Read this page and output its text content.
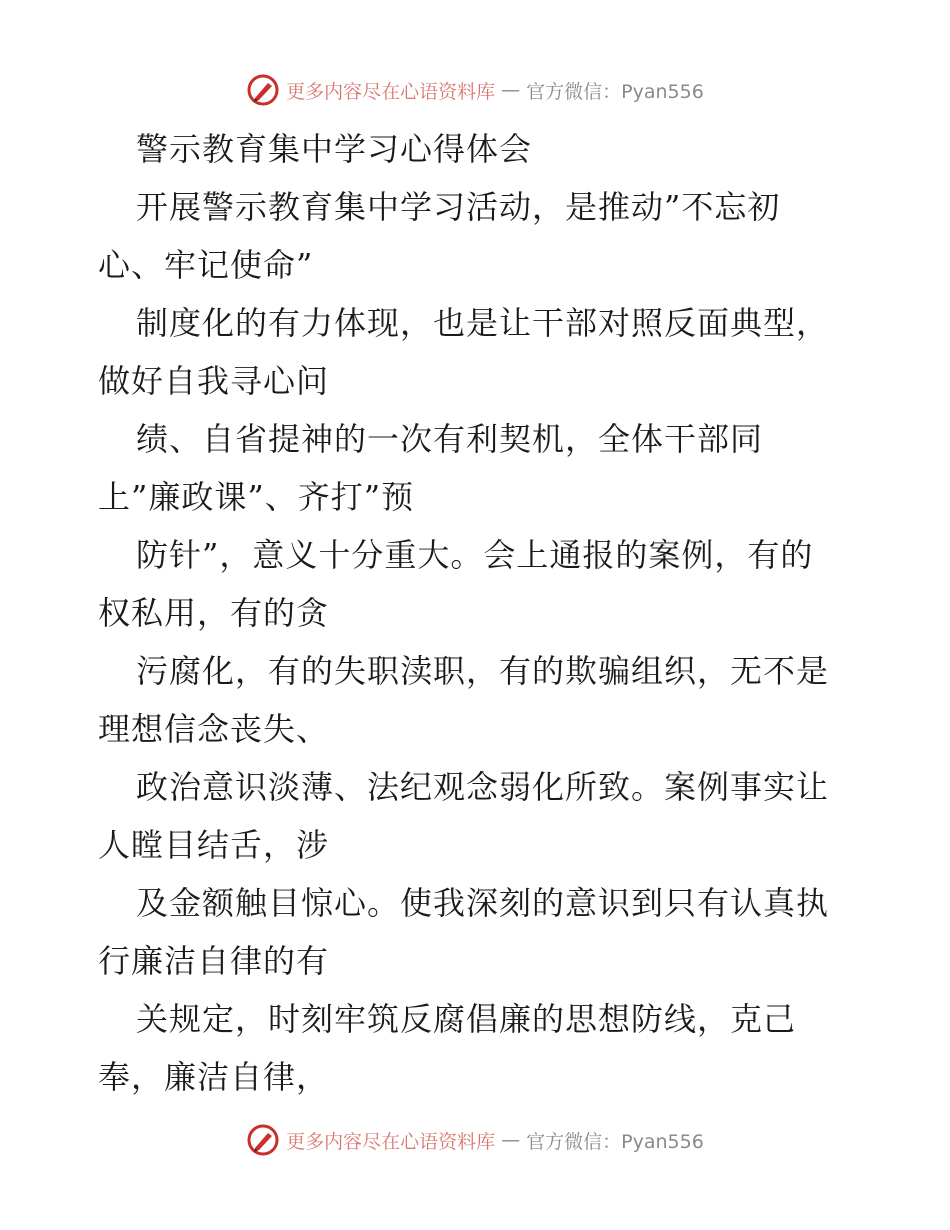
更多内容尽在心语资料库 — 官方微信：Pyan556
警示教育集中学习心得体会
开展警示教育集中学习活动，是推动”不忘初
心、牢记使命”
制度化的有力体现，也是让干部对照反面典型，
做好自我寻心问
绩、自省提神的一次有利契机，全体干部同
上”廉政课”、齐打”预
防针”，意义十分重大。会上通报的案例，有的
权私用，有的贪
污腐化，有的失职渎职，有的欺骗组织，无不是
理想信念丧失、
政治意识淡薄、法纪观念弱化所致。案例事实让
人瞠目结舌，涉
及金额触目惊心。使我深刻的意识到只有认真执
行廉洁自律的有
关规定，时刻牢筑反腐倡廉的思想防线，克己
奉，廉洁自律，
更多内容尽在心语资料库 — 官方微信：Pyan556
